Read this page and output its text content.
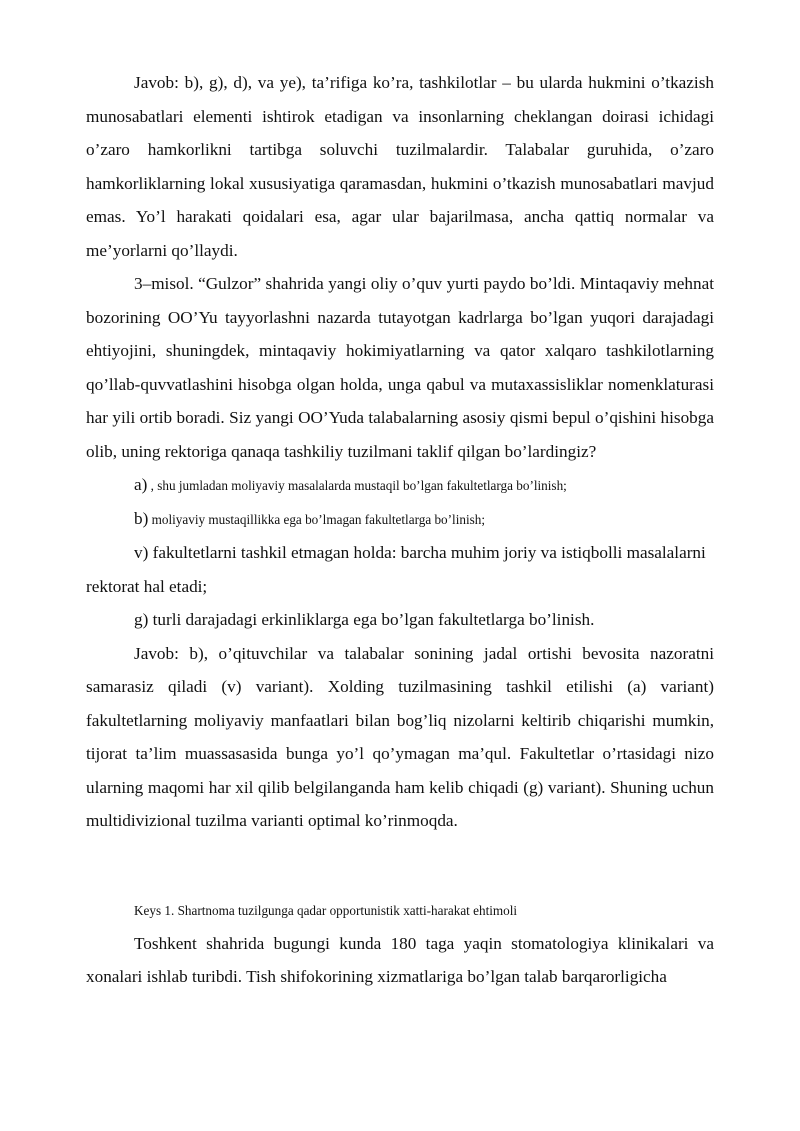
Javob: b), g), d), va ye), ta’rifiga ko’ra, tashkilotlar – bu ularda hukmini o’tkazish munosabatlari elementi ishtirok etadigan va insonlarning cheklangan doirasi ichidagi o’zaro hamkorlikni tartibga soluvchi tuzilmalardir. Talabalar guruhida, o’zaro hamkorliklarning lokal xususiyatiga qaramasdan, hukmini o’tkazish munosabatlari mavjud emas. Yo’l harakati qoidalari esa, agar ular bajarilmasa, ancha qattiq normalar va me’yorlarni qo’llaydi.

3–misol. “Gulzor” shahrida yangi oliy o’quv yurti paydo bo’ldi. Mintaqaviy mehnat bozorining OO’Yu tayyorlashni nazarda tutayotgan kadrlarga bo’lgan yuqori darajadagi ehtiyojini, shuningdek, mintaqaviy hokimiyatlarning va qator xalqaro tashkilotlarning qo’llab-quvvatlashini hisobga olgan holda, unga qabul va mutaxassisliklar nomenklaturasi har yili ortib boradi. Siz yangi OO’Yuda talabalarning asosiy qismi bepul o’qishini hisobga olib, uning rektoriga qanaqa tashkiliy tuzilmani taklif qilgan bo’lardingiz?

a) , shu jumladan moliyaviy masalalarda mustaqil bo’lgan fakultetlarga bo’linish;

b) moliyaviy mustaqillikka ega bo’lmagan fakultetlarga bo’linish;

v) fakultetlarni tashkil etmagan holda: barcha muhim joriy va istiqbolli masalalarni rektorat hal etadi;

g) turli darajadagi erkinliklarga ega bo’lgan fakultetlarga bo’linish.

Javob: b), o’qituvchilar va talabalar sonining jadal ortishi bevosita nazoratni samarasiz qiladi (v) variant). Xolding tuzilmasining tashkil etilishi (a) variant) fakultetlarning moliyaviy manfaatlari bilan bog’liq nizolarni keltirib chiqarishi mumkin, tijorat ta’lim muassasasida bunga yo’l qo’ymagan ma’qul. Fakultetlar o’rtasidagi nizo ularning maqomi har xil qilib belgilanganda ham kelib chiqadi (g) variant). Shuning uchun multidivizional tuzilma varianti optimal ko’rinmoqda.

Keys 1. Shartnoma tuzilgunga qadar opportunistik xatti-harakat ehtimoli

Toshkent shahrida bugungi kunda 180 taga yaqin stomatologiya klinikalari va xonalari ishlab turibdi. Tish shifokorining xizmatlariga bo’lgan talab barqarorligicha
